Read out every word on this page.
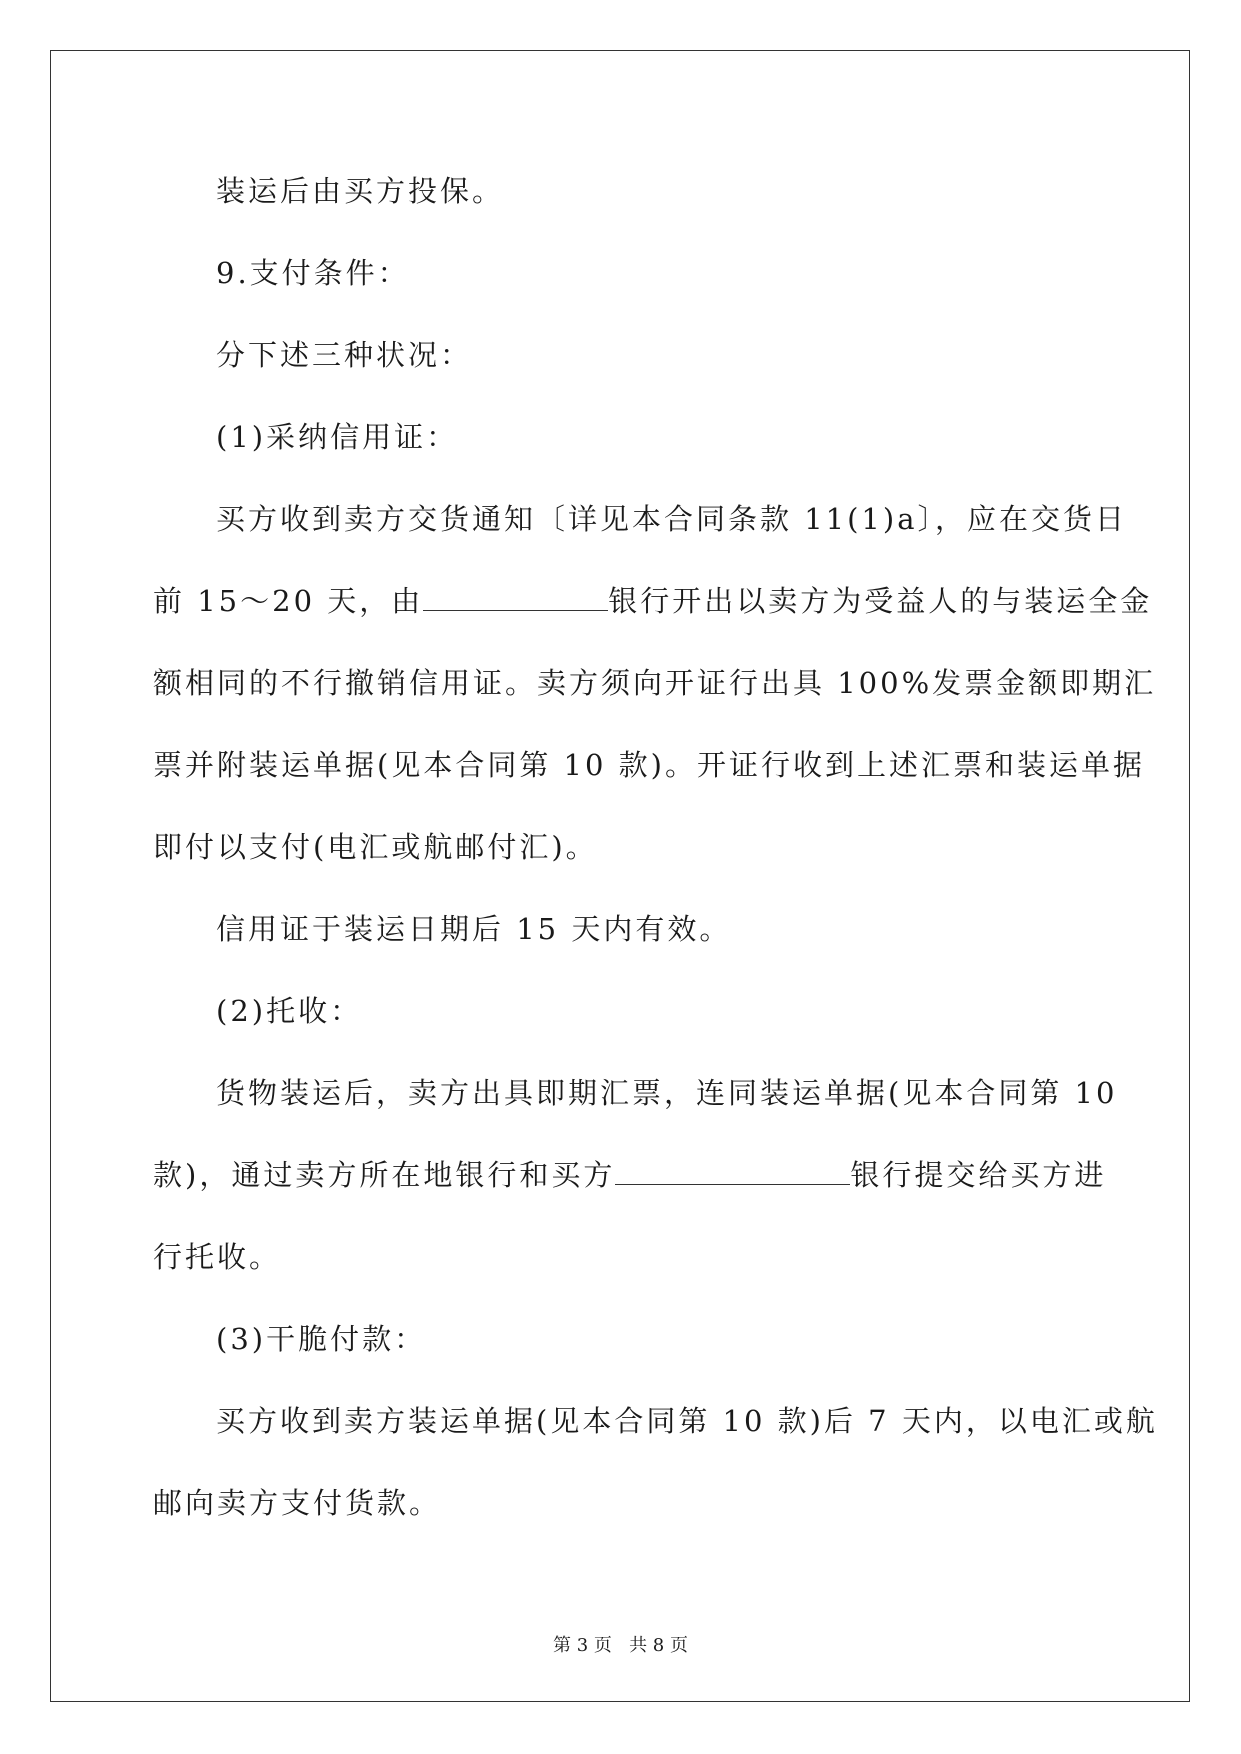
装运后由买方投保。

9.支付条件：

分下述三种状况：

(1)采纳信用证：

买方收到卖方交货通知〔详见本合同条款 11(1)a〕，应在交货日

前 15～20 天，由	银行开出以卖方为受益人的与装运全金

额相同的不行撤销信用证。卖方须向开证行出具 100%发票金额即期汇

票并附装运单据(见本合同第 10 款)。开证行收到上述汇票和装运单据

即付以支付(电汇或航邮付汇)。

信用证于装运日期后 15 天内有效。

(2)托收：

货物装运后，卖方出具即期汇票，连同装运单据(见本合同第 10

款)，通过卖方所在地银行和买方	银行提交给买方进

行托收。

(3)干脆付款：

买方收到卖方装运单据(见本合同第 10 款)后 7 天内，以电汇或航

邮向卖方支付货款。

第 3 页 共 8 页
